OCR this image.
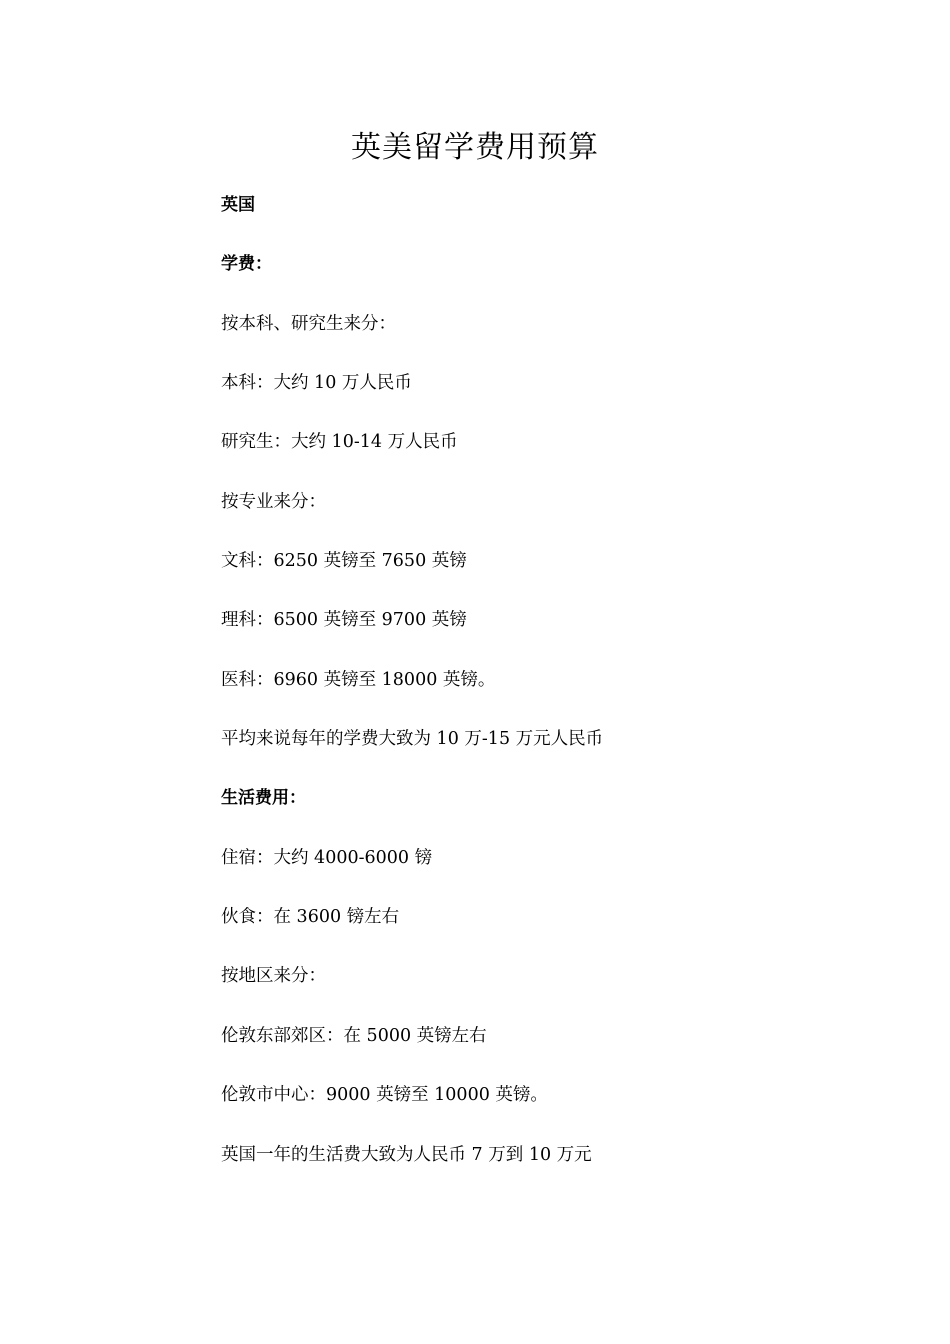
英美留学费用预算
英国
学费：
按本科、研究生来分：
本科：大约 10 万人民币
研究生：大约 10-14 万人民币
按专业来分：
文科：6250 英镑至 7650 英镑
理科：6500 英镑至 9700 英镑
医科：6960 英镑至 18000 英镑。
平均来说每年的学费大致为 10 万-15 万元人民币
生活费用：
住宿：大约 4000-6000 镑
伙食：在 3600 镑左右
按地区来分：
伦敦东部郊区：在 5000 英镑左右
伦敦市中心：9000 英镑至 10000 英镑。
英国一年的生活费大致为人民币 7 万到 10 万元
